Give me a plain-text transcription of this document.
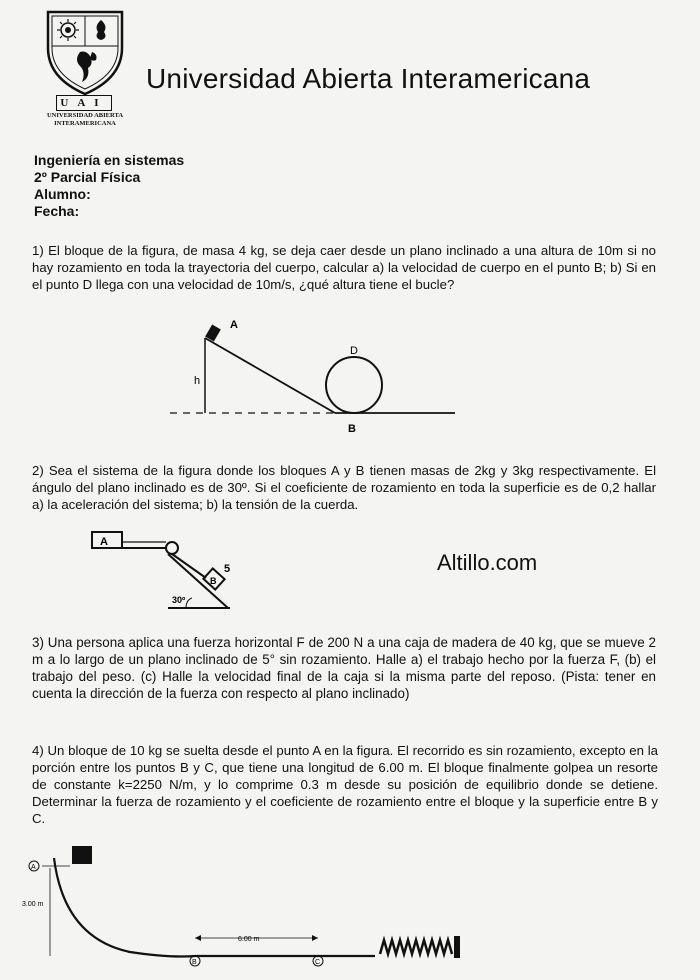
UAI
UNIVERSIDAD ABIERTA
INTERAMERICANA
Universidad Abierta Interamericana
Ingeniería en sistemas
2º Parcial Física
Alumno:
Fecha:
1) El bloque de la figura, de masa 4 kg, se deja caer desde un plano inclinado a una altura de 10m si no hay rozamiento en toda la trayectoria del cuerpo, calcular a) la velocidad de cuerpo en el punto B; b) Si en el punto D llega con una velocidad de 10m/s, ¿qué altura tiene el bucle?
A
h
D
B
2) Sea el sistema de la figura donde los bloques A y B tienen masas de 2kg y 3kg respectivamente. El ángulo del plano inclinado es de 30º. Si el coeficiente de rozamiento en toda la superficie es de 0,2 hallar a) la aceleración del sistema; b) la tensión de la cuerda.
A
B
5
30º
Altillo.com
3) Una persona aplica una fuerza horizontal F de 200 N a una caja de madera de 40 kg, que se mueve 2 m a lo largo de un plano inclinado de 5° sin rozamiento. Halle a) el trabajo hecho por la fuerza F, (b) el trabajo del peso. (c) Halle la velocidad final de la caja si la misma parte del reposo. (Pista: tener en cuenta la dirección de la fuerza con respecto al plano inclinado)
4) Un bloque de 10 kg se suelta desde el punto A en la figura. El recorrido es sin rozamiento, excepto en la porción entre los puntos B y C, que tiene una longitud de 6.00 m. El bloque finalmente golpea un resorte de constante k=2250 N/m, y lo comprime 0.3 m desde su posición de equilibrio donde se detiene. Determinar la fuerza de rozamiento y el coeficiente de rozamiento entre el bloque y la superficie entre B y C.
A
3.00 m
6.00 m
B	C
